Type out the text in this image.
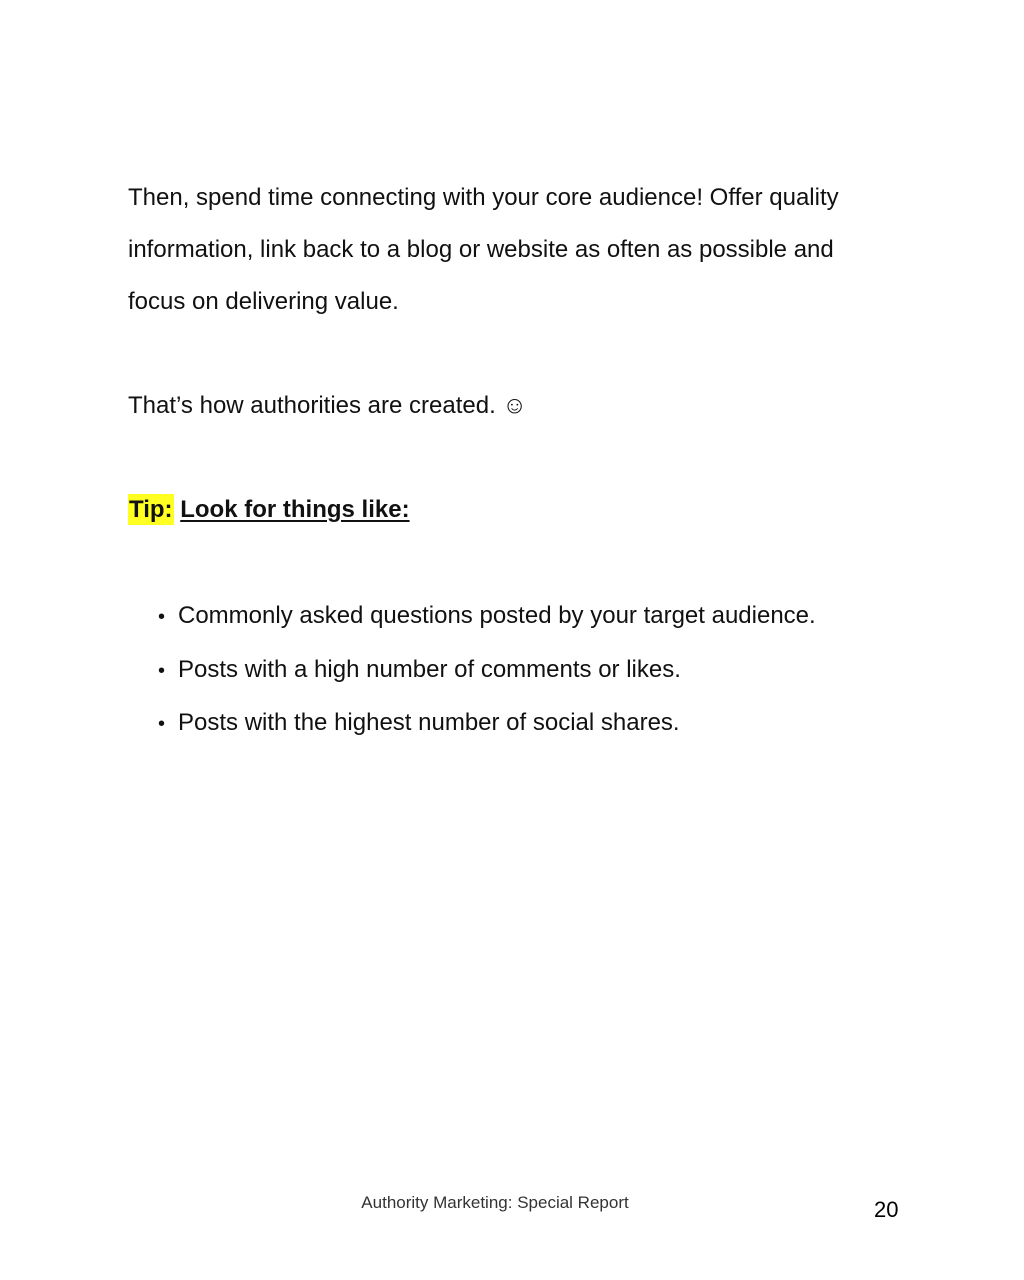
Then, spend time connecting with your core audience! Offer quality information, link back to a blog or website as often as possible and focus on delivering value.

That’s how authorities are created. ☺

Tip: Look for things like:
• Commonly asked questions posted by your target audience.
• Posts with a high number of comments or likes.
• Posts with the highest number of social shares.
Authority Marketing: Special Report	20
